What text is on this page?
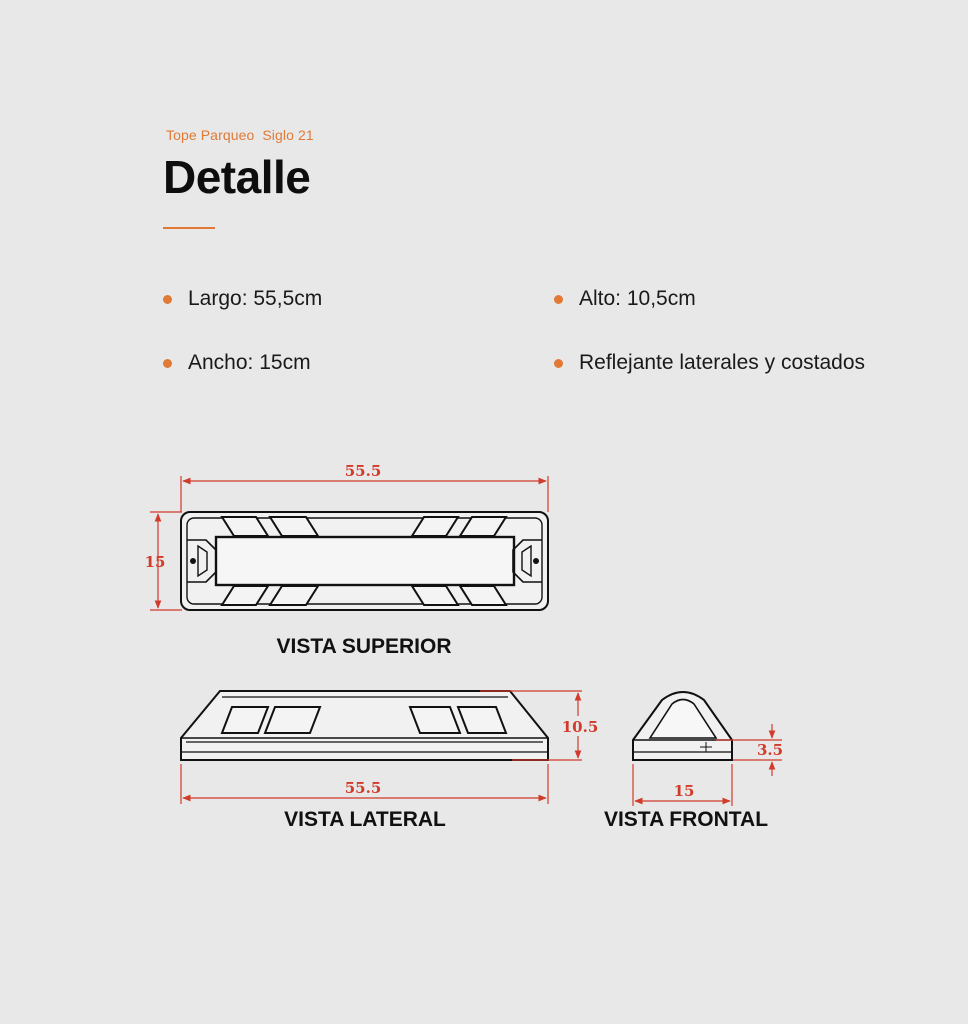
Tope Parqueo  Siglo 21
Detalle
Largo: 55,5cm	Alto: 10,5cm
Ancho: 15cm	Reflejante laterales y costados
55.5
15
VISTA SUPERIOR
10.5
55.5
VISTA LATERAL
3.5
15
VISTA FRONTAL
